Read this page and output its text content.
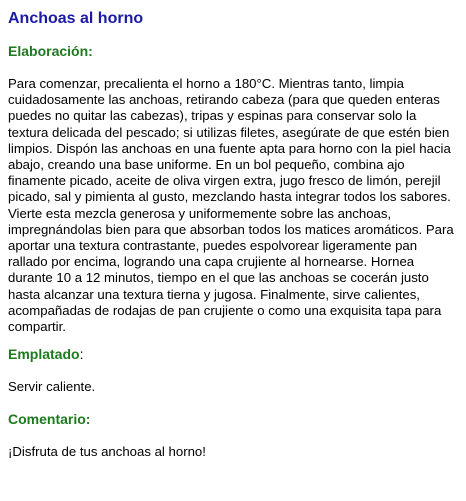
Anchoas al horno
Elaboración:

Para comenzar, precalienta el horno a 180°C. Mientras tanto, limpia cuidadosamente las anchoas, retirando cabeza (para que queden enteras puedes no quitar las cabezas), tripas y espinas para conservar solo la textura delicada del pescado; si utilizas filetes, asegúrate de que estén bien limpios. Dispón las anchoas en una fuente apta para horno con la piel hacia abajo, creando una base uniforme. En un bol pequeño, combina ajo finamente picado, aceite de oliva virgen extra, jugo fresco de limón, perejil picado, sal y pimienta al gusto, mezclando hasta integrar todos los sabores. Vierte esta mezcla generosa y uniformemente sobre las anchoas, impregnándolas bien para que absorban todos los matices aromáticos. Para aportar una textura contrastante, puedes espolvorear ligeramente pan rallado por encima, logrando una capa crujiente al hornearse. Hornea durante 10 a 12 minutos, tiempo en el que las anchoas se cocerán justo hasta alcanzar una textura tierna y jugosa. Finalmente, sirve calientes, acompañadas de rodajas de pan crujiente o como una exquisita tapa para compartir.

Emplatado:

Servir caliente.

Comentario:

¡Disfruta de tus anchoas al horno!
